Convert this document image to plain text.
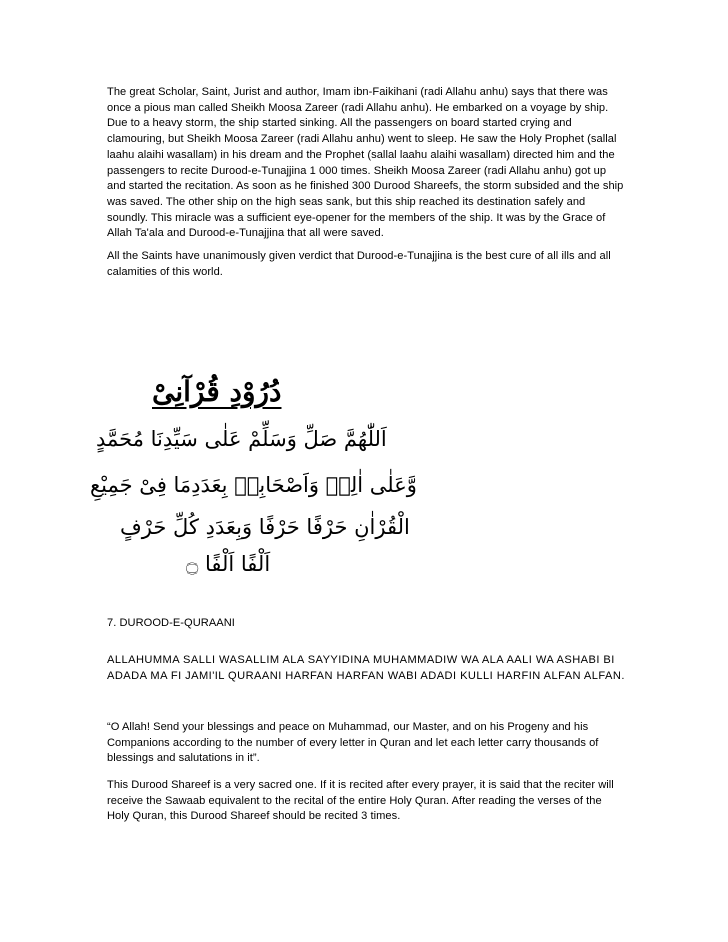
The great Scholar, Saint, Jurist and author, Imam ibn-Faikihani (radi Allahu anhu) says that there was once a pious man called Sheikh Moosa Zareer (radi Allahu anhu). He embarked on a voyage by ship. Due to a heavy storm, the ship started sinking. All the passengers on board started crying and clamouring, but Sheikh Moosa Zareer (radi Allahu anhu) went to sleep. He saw the Holy Prophet (sallal laahu alaihi wasallam) in his dream and the Prophet (sallal laahu alaihi wasallam) directed him and the passengers to recite Durood-e-Tunajjina 1 000 times. Sheikh Moosa Zareer (radi Allahu anhu) got up and started the recitation. As soon as he finished 300 Durood Shareefs, the storm subsided and the ship was saved. The other ship on the high seas sank, but this ship reached its destination safely and soundly. This miracle was a sufficient eye-opener for the members of the ship. It was by the Grace of Allah Ta'ala and Durood-e-Tunajjina that all were saved.

All the Saints have unanimously given verdict that Durood-e-Tunajjina is the best cure of all ills and all calamities of this world.

دُرُوْدِ قُرْآنِیْ
اَللّٰھُمَّ صَلِّ وَسَلِّمْ عَلٰی سَیِّدِنَا مُحَمَّدٍ
وَّعَلٰی اٰلِهٖ وَاَصْحَابِهٖ بِعَدَدِمَا فِیْ جَمِیْعِ
الْقُرْاٰنِ حَرْفًا حَرْفًا وَبِعَدَدِ کُلِّ حَرْفٍ
اَلْفًا اَلْفًا ۝

7. DUROOD-E-QURAANI

ALLAHUMMA SALLI WASALLIM ALA SAYYIDINA MUHAMMADIW WA ALA AALI WA ASHABI BI ADADA MA FI JAMI'IL QURAANI HARFAN HARFAN WABI ADADI KULLI HARFIN ALFAN ALFAN.

“O Allah! Send your blessings and peace on Muhammad, our Master, and on his Progeny and his Companions according to the number of every letter in Quran and let each letter carry thousands of blessings and salutations in it”.

This Durood Shareef is a very sacred one. If it is recited after every prayer, it is said that the reciter will receive the Sawaab equivalent to the recital of the entire Holy Quran. After reading the verses of the Holy Quran, this Durood Shareef should be recited 3 times.
